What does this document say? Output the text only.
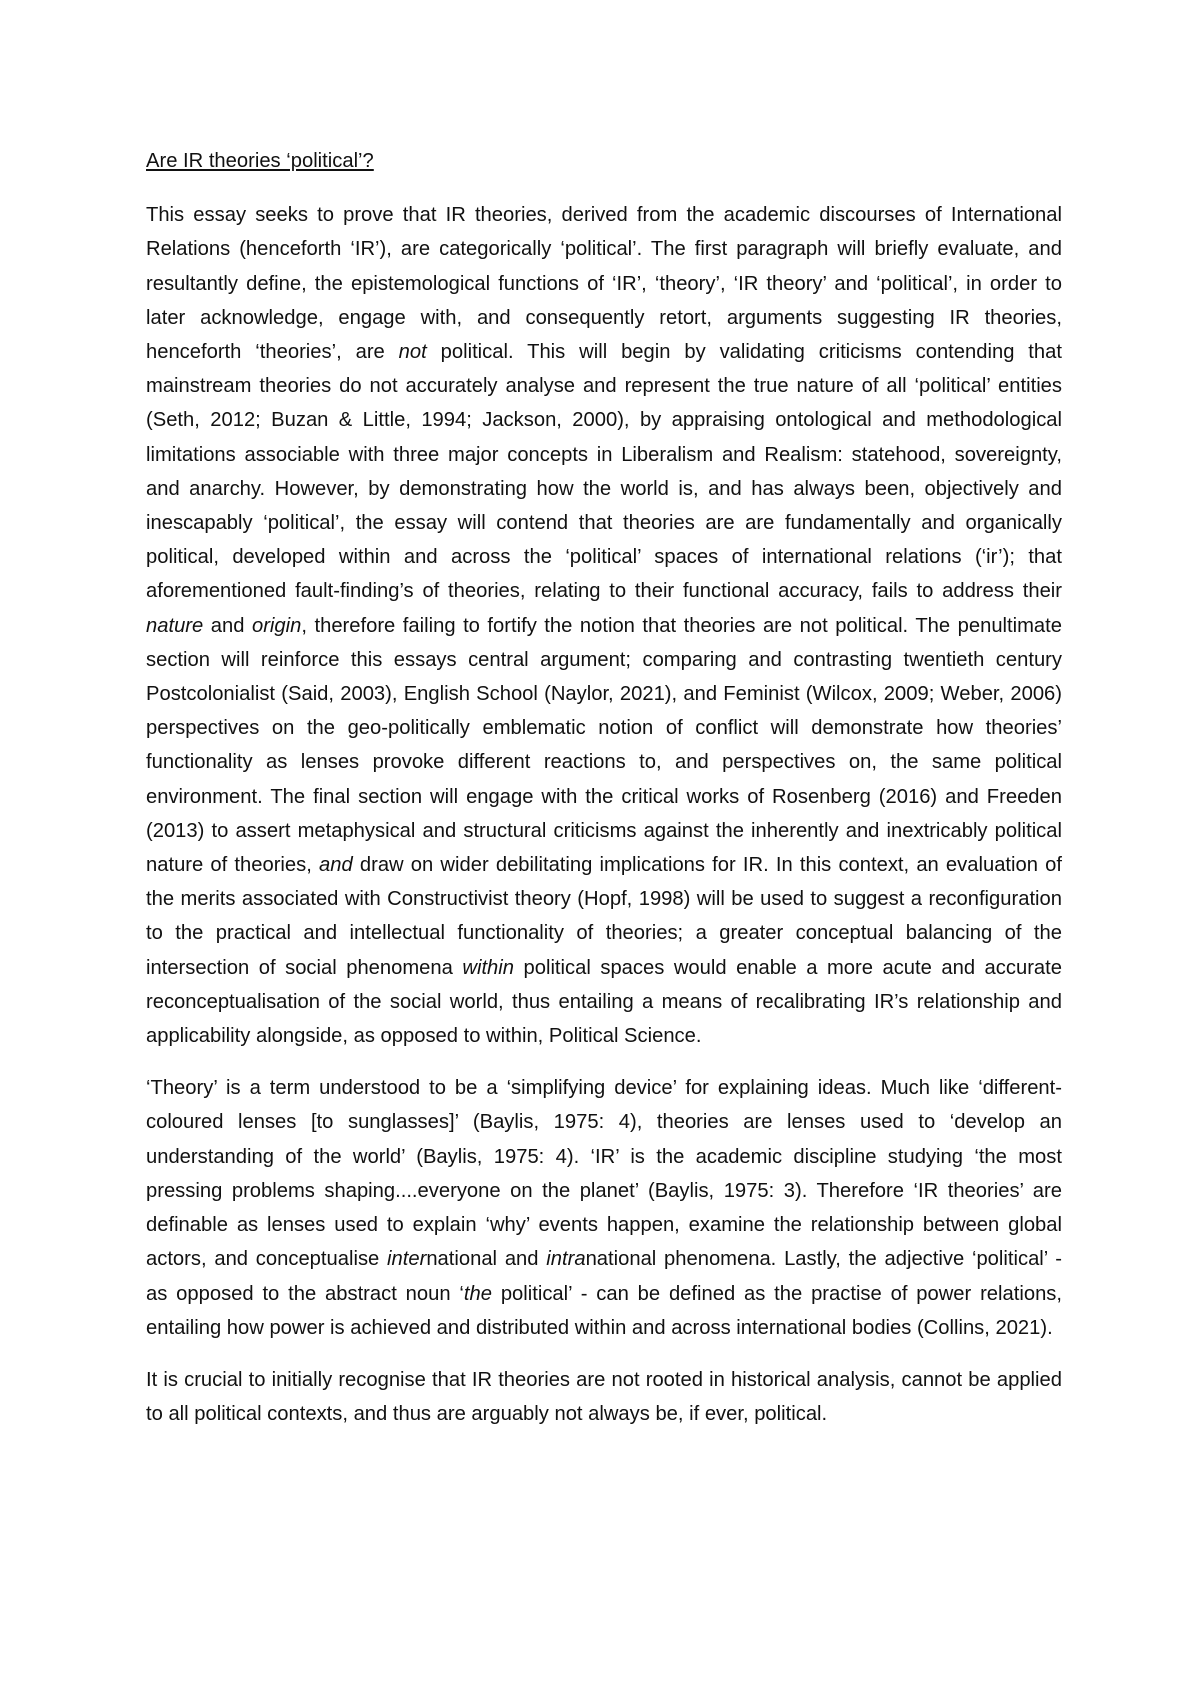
Are IR theories ‘political’?

This essay seeks to prove that IR theories, derived from the academic discourses of International Relations (henceforth ‘IR’), are categorically ‘political’. The first paragraph will briefly evaluate, and resultantly define, the epistemological functions of ‘IR’, ‘theory’, ‘IR theory’ and ‘political’, in order to later acknowledge, engage with, and consequently retort, arguments suggesting IR theories, henceforth ‘theories’, are not political. This will begin by validating criticisms contending that mainstream theories do not accurately analyse and represent the true nature of all ‘political’ entities (Seth, 2012; Buzan & Little, 1994; Jackson, 2000), by appraising ontological and methodological limitations associable with three major concepts in Liberalism and Realism: statehood, sovereignty, and anarchy. However, by demonstrating how the world is, and has always been, objectively and inescapably ‘political’, the essay will contend that theories are are fundamentally and organically political, developed within and across the ‘political’ spaces of international relations (‘ir’); that aforementioned fault-finding’s of theories, relating to their functional accuracy, fails to address their nature and origin, therefore failing to fortify the notion that theories are not political. The penultimate section will reinforce this essays central argument; comparing and contrasting twentieth century Postcolonialist (Said, 2003), English School (Naylor, 2021), and Feminist (Wilcox, 2009; Weber, 2006) perspectives on the geo-politically emblematic notion of conflict will demonstrate how theories’ functionality as lenses provoke different reactions to, and perspectives on, the same political environment. The final section will engage with the critical works of Rosenberg (2016) and Freeden (2013) to assert metaphysical and structural criticisms against the inherently and inextricably political nature of theories, and draw on wider debilitating implications for IR. In this context, an evaluation of the merits associated with Constructivist theory (Hopf, 1998) will be used to suggest a reconfiguration to the practical and intellectual functionality of theories; a greater conceptual balancing of the intersection of social phenomena within political spaces would enable a more acute and accurate reconceptualisation of the social world, thus entailing a means of recalibrating IR’s relationship and applicability alongside, as opposed to within, Political Science.

‘Theory’ is a term understood to be a ‘simplifying device’ for explaining ideas. Much like ‘different-coloured lenses [to sunglasses]’ (Baylis, 1975: 4), theories are lenses used to ‘develop an understanding of the world’ (Baylis, 1975: 4). ‘IR’ is the academic discipline studying ‘the most pressing problems shaping....everyone on the planet’ (Baylis, 1975: 3). Therefore ‘IR theories’ are definable as lenses used to explain ‘why’ events happen, examine the relationship between global actors, and conceptualise international and intranational phenomena. Lastly, the adjective ‘political’ - as opposed to the abstract noun ‘the political’ - can be defined as the practise of power relations, entailing how power is achieved and distributed within and across international bodies (Collins, 2021).

It is crucial to initially recognise that IR theories are not rooted in historical analysis, cannot be applied to all political contexts, and thus are arguably not always be, if ever, political.
